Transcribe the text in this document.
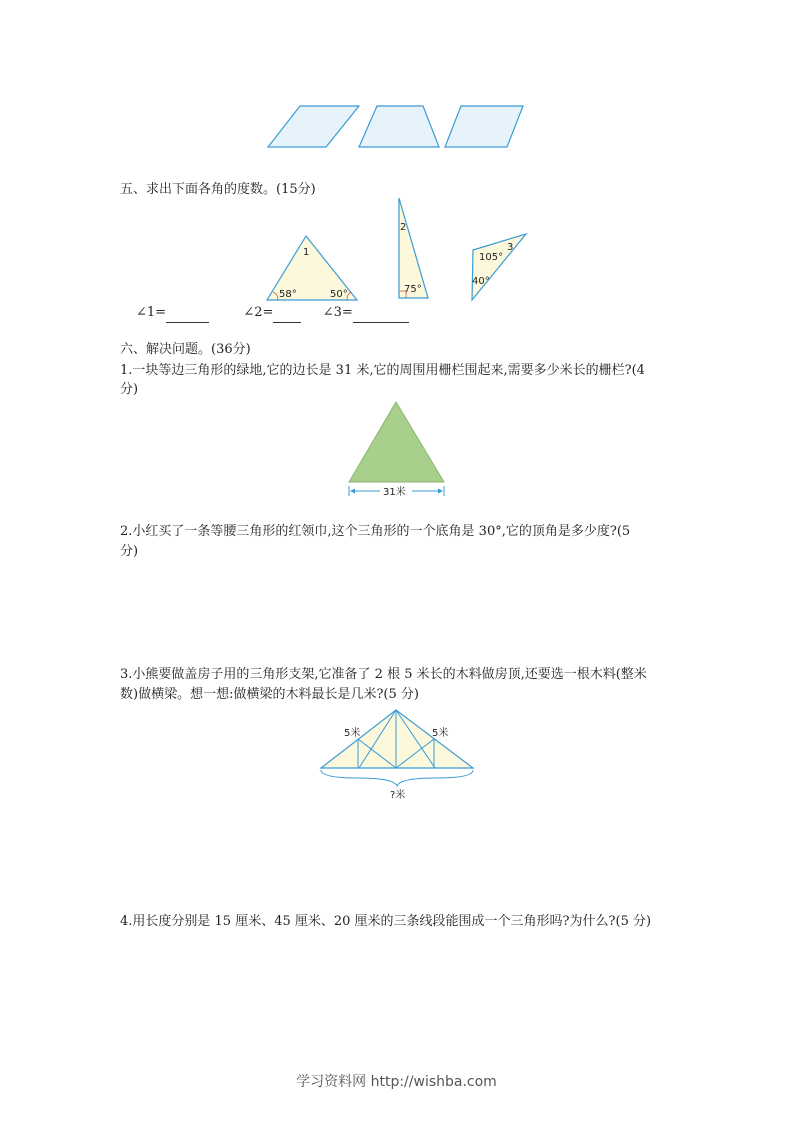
五、求出下面各角的度数。(15分)
1
58°	50°
2
75°
3
105°
40°
∠1=	∠2=	∠3=
六、解决问题。(36分)
1.一块等边三角形的绿地,它的边长是 31 米,它的周围用栅栏围起来,需要多少米长的栅栏?(4
分)
31米
2.小红买了一条等腰三角形的红领巾,这个三角形的一个底角是 30°,它的顶角是多少度?(5
分)
3.小熊要做盖房子用的三角形支架,它准备了 2 根 5 米长的木料做房顶,还要选一根木料(整米
数)做横梁。想一想:做横梁的木料最长是几米?(5 分)
5米	5米
?米
4.用长度分别是 15 厘米、45 厘米、20 厘米的三条线段能围成一个三角形吗?为什么?(5 分)
学习资料网 http://wishba.com
